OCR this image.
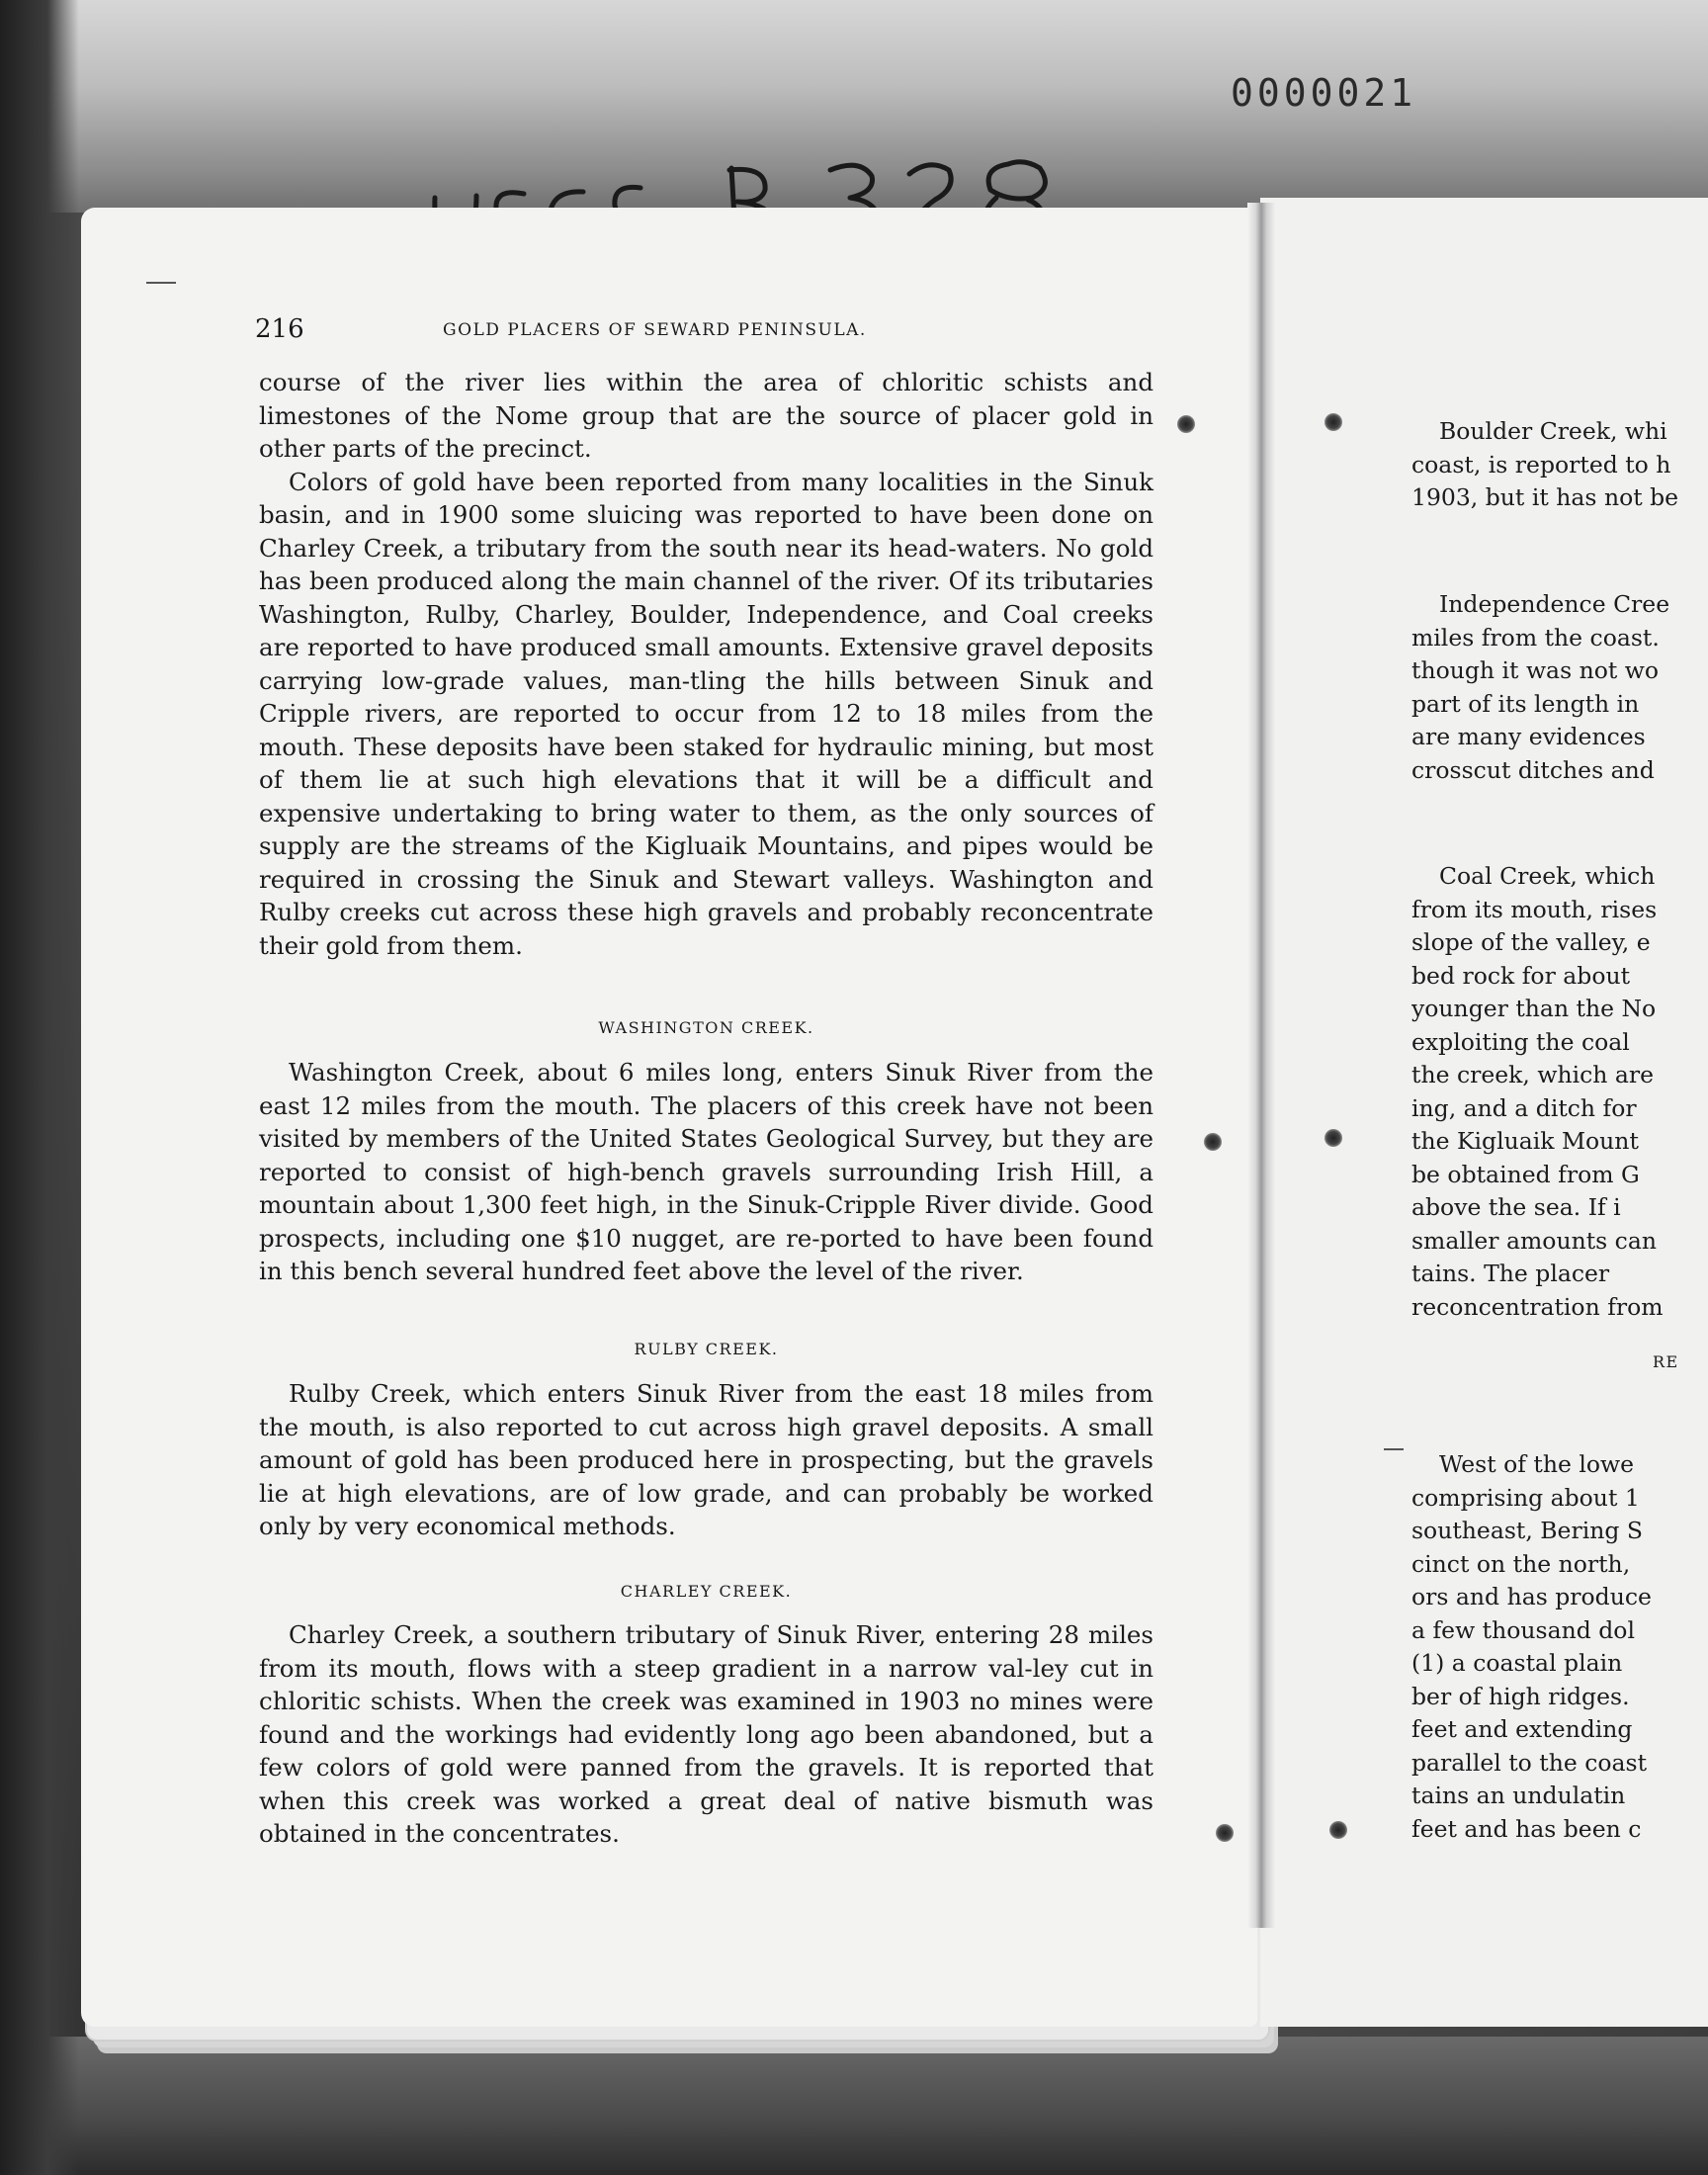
0000021
216	GOLD PLACERS OF SEWARD PENINSULA.

course of the river lies within the area of chloritic schists and limestones of the Nome group that are the source of placer gold in other parts of the precinct.

Colors of gold have been reported from many localities in the Sinuk basin, and in 1900 some sluicing was reported to have been done on Charley Creek, a tributary from the south near its head-waters. No gold has been produced along the main channel of the river. Of its tributaries Washington, Rulby, Charley, Boulder, Independence, and Coal creeks are reported to have produced small amounts. Extensive gravel deposits carrying low-grade values, man-tling the hills between Sinuk and Cripple rivers, are reported to occur from 12 to 18 miles from the mouth. These deposits have been staked for hydraulic mining, but most of them lie at such high elevations that it will be a difficult and expensive undertaking to bring water to them, as the only sources of supply are the streams of the Kigluaik Mountains, and pipes would be required in crossing the Sinuk and Stewart valleys. Washington and Rulby creeks cut across these high gravels and probably reconcentrate their gold from them.

WASHINGTON CREEK.

Washington Creek, about 6 miles long, enters Sinuk River from the east 12 miles from the mouth. The placers of this creek have not been visited by members of the United States Geological Survey, but they are reported to consist of high-bench gravels surrounding Irish Hill, a mountain about 1,300 feet high, in the Sinuk-Cripple River divide. Good prospects, including one $10 nugget, are re-ported to have been found in this bench several hundred feet above the level of the river.

RULBY CREEK.

Rulby Creek, which enters Sinuk River from the east 18 miles from the mouth, is also reported to cut across high gravel deposits. A small amount of gold has been produced here in prospecting, but the gravels lie at high elevations, are of low grade, and can probably be worked only by very economical methods.

CHARLEY CREEK.

Charley Creek, a southern tributary of Sinuk River, entering 28 miles from its mouth, flows with a steep gradient in a narrow val-ley cut in chloritic schists. When the creek was examined in 1903 no mines were found and the workings had evidently long ago been abandoned, but a few colors of gold were panned from the gravels. It is reported that when this creek was worked a great deal of native bismuth was obtained in the concentrates.

Boulder Creek, whi
coast, is reported to h
1903, but it has not be
Independence Cree
miles from the coast.
though it was not wo
part of its length in
are many evidences
crosscut ditches and
Coal Creek, which
from its mouth, rises
slope of the valley, e
bed rock for about
younger than the No
exploiting the coal
the creek, which are
ing, and a ditch for
the Kigluaik Mount
be obtained from G
above the sea. If i
smaller amounts can
tains. The placer
reconcentration from
RE
West of the lowe
comprising about 1
southeast, Bering S
cinct on the north,
ors and has produce
a few thousand dol
(1) a coastal plain
ber of high ridges.
feet and extending
parallel to the coast
tains an undulatin
feet and has been c
